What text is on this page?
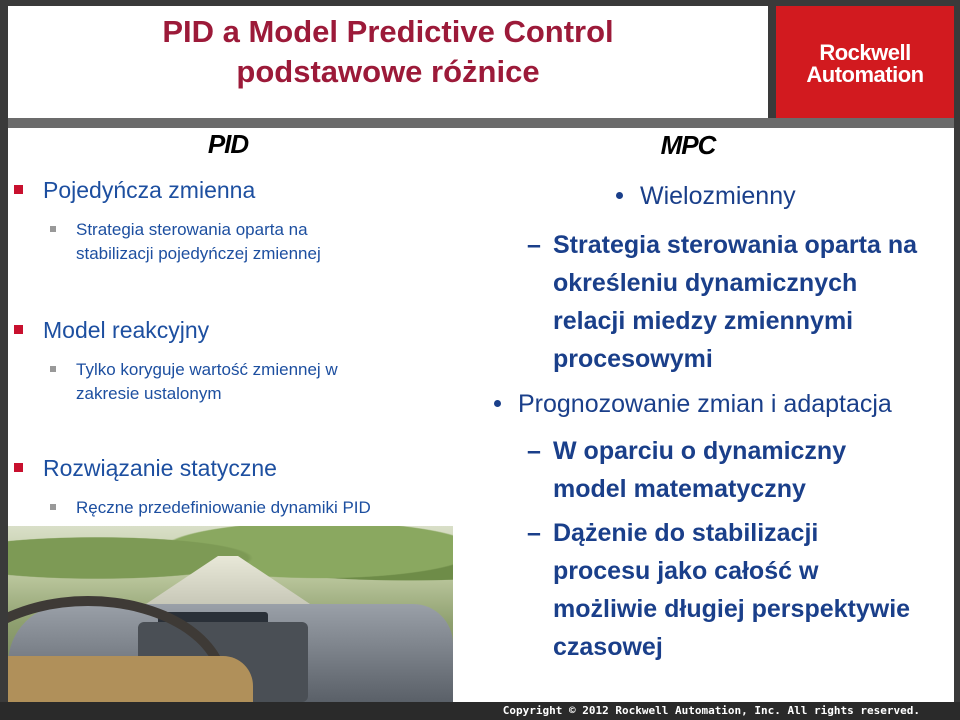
PID a Model Predictive Control
podstawowe różnice
Rockwell
Automation
PID
Pojedyńcza zmienna
Strategia sterowania oparta na
stabilizacji pojedyńczej zmiennej
Model reakcyjny
Tylko koryguje wartość zmiennej w
zakresie ustalonym
Rozwiązanie statyczne
Ręczne przedefiniowanie dynamiki PID
MPC
Wielozmienny
– Strategia sterowania oparta na
określeniu dynamicznych
relacji miedzy zmiennymi
procesowymi
Prognozowanie zmian i adaptacja
– W oparciu o dynamiczny
model matematyczny
– Dążenie do stabilizacji
procesu jako całość w
możliwie długiej perspektywie
czasowej
Copyright © 2012 Rockwell Automation, Inc. All rights reserved.
